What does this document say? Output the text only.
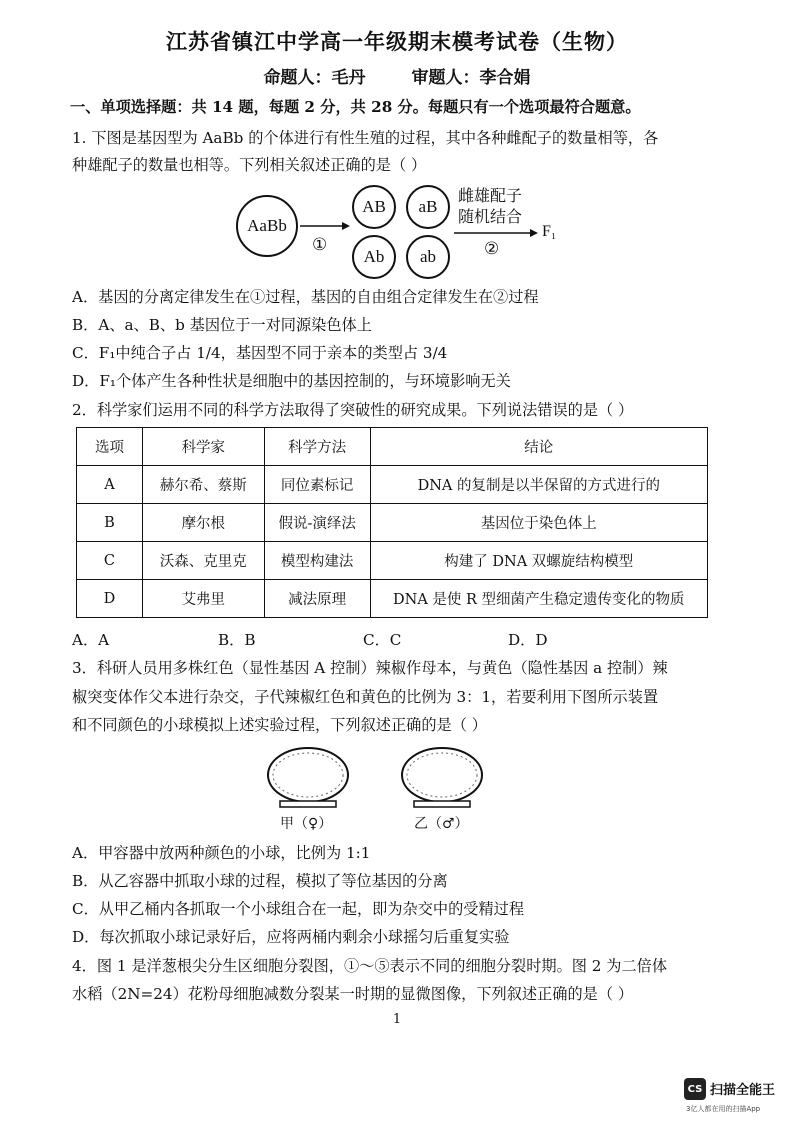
江苏省镇江中学高一年级期末模考试卷（生物）
命题人：毛丹	审题人：李合娟
一、单项选择题：共 14 题，每题 2 分，共 28 分。每题只有一个选项最符合题意。
1. 下图是基因型为 AaBb 的个体进行有性生殖的过程，其中各种雌配子的数量相等，各
种雄配子的数量也相等。下列相关叙述正确的是（ ）
AaBb
AB	aB
Ab	ab
①
雌雄配子
随机结合
②
F₁
A．基因的分离定律发生在①过程，基因的自由组合定律发生在②过程
B．A、a、B、b 基因位于一对同源染色体上
C．F₁中纯合子占 1/4，基因型不同于亲本的类型占 3/4
D．F₁个体产生各种性状是细胞中的基因控制的，与环境影响无关
2．科学家们运用不同的科学方法取得了突破性的研究成果。下列说法错误的是（ ）
选项	科学家	科学方法	结论
A	赫尔希、蔡斯	同位素标记	DNA 的复制是以半保留的方式进行的
B	摩尔根	假说-演绎法	基因位于染色体上
C	沃森、克里克	模型构建法	构建了 DNA 双螺旋结构模型
D	艾弗里	减法原理	DNA 是使 R 型细菌产生稳定遗传变化的物质
A．A	B．B	C．C	D．D
3．科研人员用多株红色（显性基因 A 控制）辣椒作母本，与黄色（隐性基因 a 控制）辣
椒突变体作父本进行杂交，子代辣椒红色和黄色的比例为 3：1，若要利用下图所示装置
和不同颜色的小球模拟上述实验过程，下列叙述正确的是（ ）
甲（♀）	乙（♂）
A．甲容器中放两种颜色的小球，比例为 1:1
B．从乙容器中抓取小球的过程，模拟了等位基因的分离
C．从甲乙桶内各抓取一个小球组合在一起，即为杂交中的受精过程
D．每次抓取小球记录好后，应将两桶内剩余小球摇匀后重复实验
4．图 1 是洋葱根尖分生区细胞分裂图，①～⑤表示不同的细胞分裂时期。图 2 为二倍体
水稻（2N=24）花粉母细胞减数分裂某一时期的显微图像，下列叙述正确的是（ ）
1
CS 扫描全能王
3亿人都在用的扫描App
